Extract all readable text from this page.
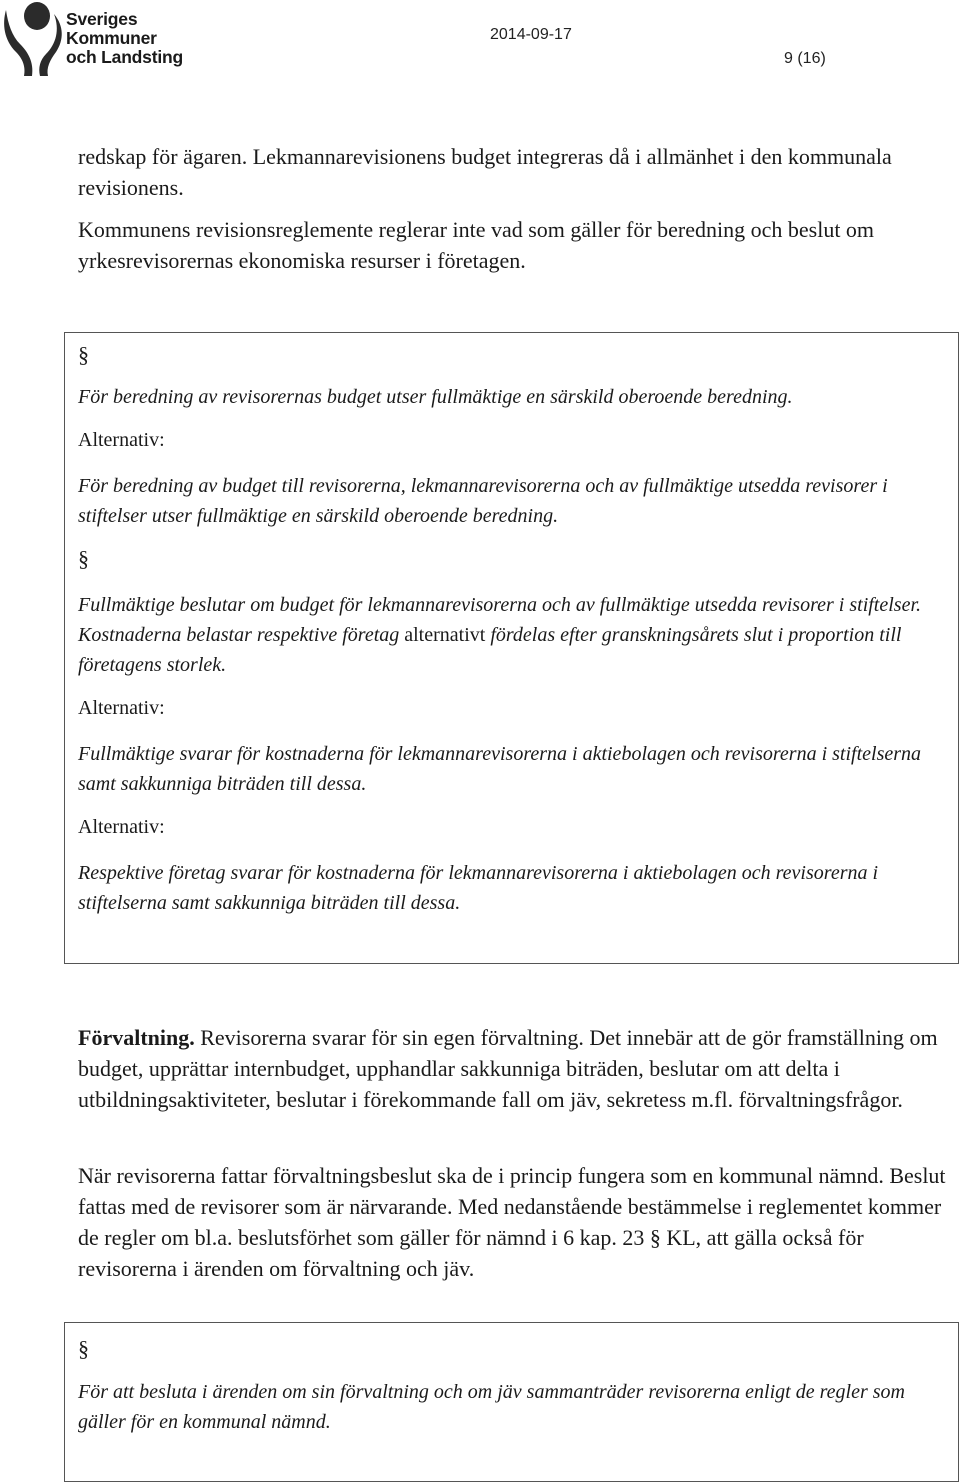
Sveriges
Kommuner
och Landsting
2014-09-17
9 (16)

redskap för ägaren. Lekmannarevisionens budget integreras då i allmänhet i den kommunala revisionens.

Kommunens revisionsreglemente reglerar inte vad som gäller för beredning och beslut om yrkesrevisorernas ekonomiska resurser i företagen.

§

För beredning av revisorernas budget utser fullmäktige en särskild oberoende beredning.

Alternativ:

För beredning av budget till revisorerna, lekmannarevisorerna och av fullmäktige utsedda revisorer i stiftelser utser fullmäktige en särskild oberoende beredning.

§

Fullmäktige beslutar om budget för lekmannarevisorerna och av fullmäktige utsedda revisorer i stiftelser. Kostnaderna belastar respektive företag alternativt fördelas efter granskningsårets slut i proportion till företagens storlek.

Alternativ:

Fullmäktige svarar för kostnaderna för lekmannarevisorerna i aktiebolagen och revisorerna i stiftelserna samt sakkunniga biträden till dessa.

Alternativ:

Respektive företag svarar för kostnaderna för lekmannarevisorerna i aktiebolagen och revisorerna i stiftelserna samt sakkunniga biträden till dessa.

Förvaltning. Revisorerna svarar för sin egen förvaltning. Det innebär att de gör framställning om budget, upprättar internbudget, upphandlar sakkunniga biträden, beslutar om att delta i utbildningsaktiviteter, beslutar i förekommande fall om jäv, sekretess m.fl. förvaltningsfrågor.

När revisorerna fattar förvaltningsbeslut ska de i princip fungera som en kommunal nämnd. Beslut fattas med de revisorer som är närvarande. Med nedanstående bestämmelse i reglementet kommer de regler om bl.a. beslutsförhet som gäller för nämnd i 6 kap. 23 § KL, att gälla också för revisorerna i ärenden om förvaltning och jäv.

§

För att besluta i ärenden om sin förvaltning och om jäv sammanträder revisorerna enligt de regler som gäller för en kommunal nämnd.
